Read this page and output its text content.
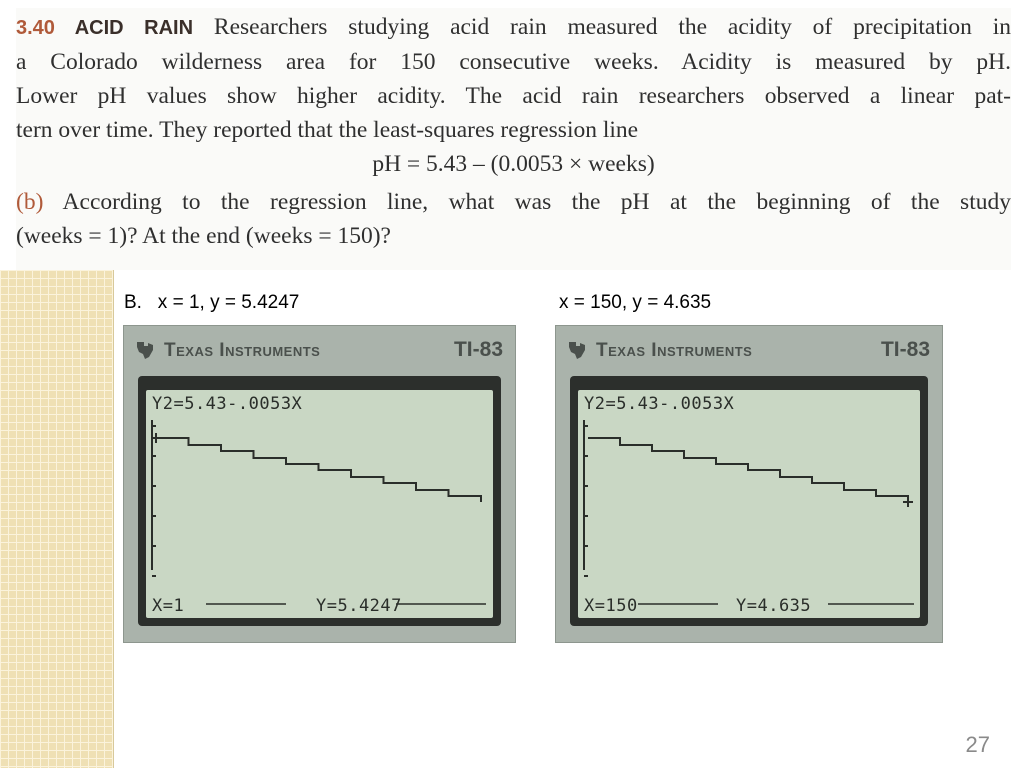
3.40 ACID RAIN Researchers studying acid rain measured the acidity of precipitation in

a Colorado wilderness area for 150 consecutive weeks. Acidity is measured by pH.

Lower pH values show higher acidity. The acid rain researchers observed a linear pat-

tern over time. They reported that the least-squares regression line

pH = 5.43 – (0.0053 × weeks)

(b) According to the regression line, what was the pH at the beginning of the study

(weeks = 1)? At the end (weeks = 150)?

B.   x = 1, y = 5.4247	x = 150, y = 4.635
Texas Instruments	TI-83
Y2=5.43-.0053X
X=1	Y=5.4247
Texas Instruments	TI-83
Y2=5.43-.0053X
X=150	Y=4.635
27
